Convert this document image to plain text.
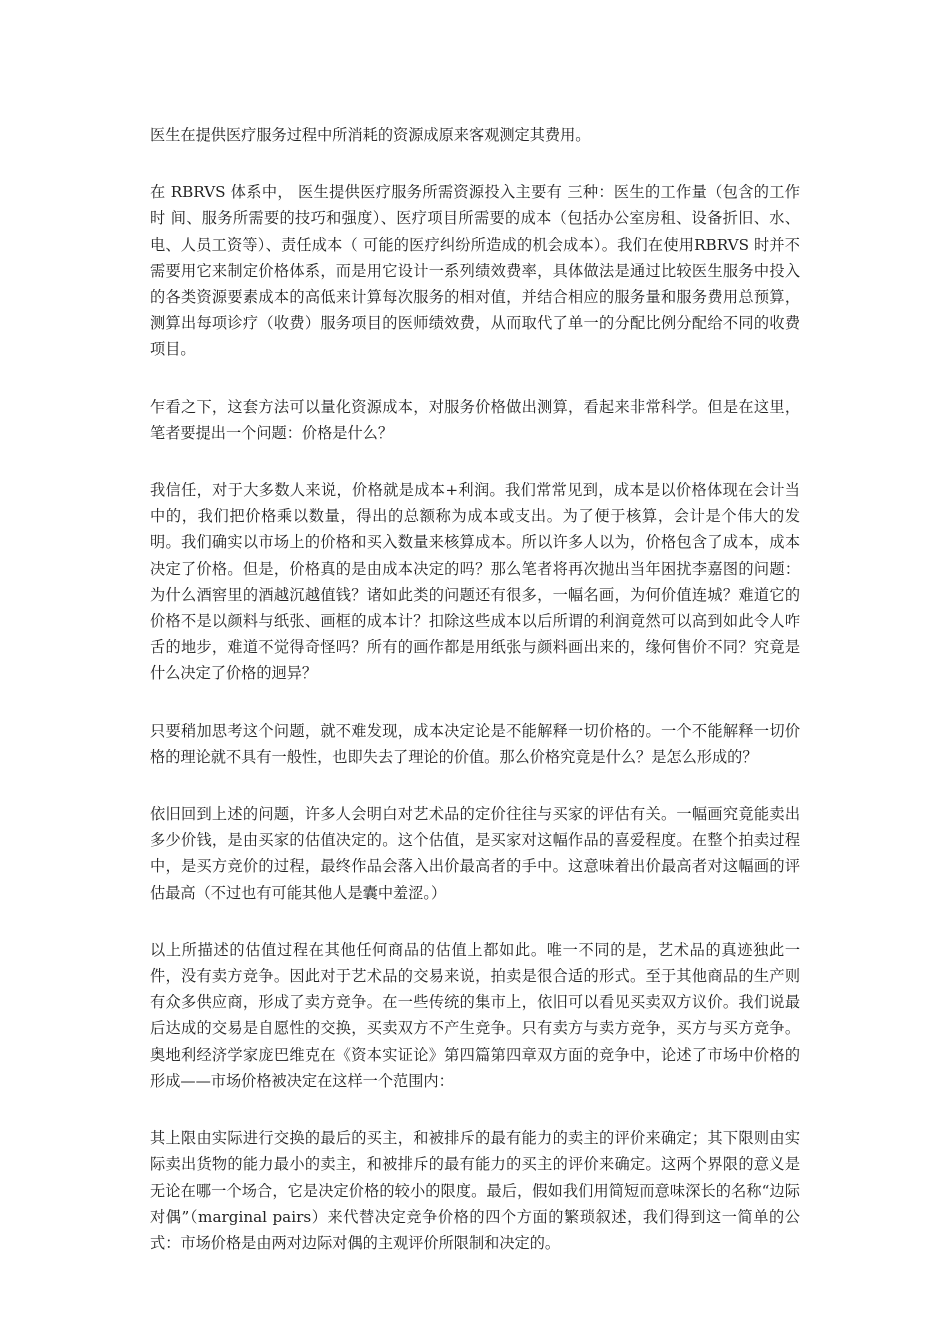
医生在提供医疗服务过程中所消耗的资源成原来客观测定其费用。

在 RBRVS 体系中， 医生提供医疗服务所需资源投入主要有 三种：医生的工作量（包含的工作时 间、服务所需要的技巧和强度）、医疗项目所需要的成本（包括办公室房租、设备折旧、水、电、人员工资等）、责任成本（ 可能的医疗纠纷所造成的机会成本）。我们在使用RBRVS 时并不需要用它来制定价格体系，而是用它设计一系列绩效费率，具体做法是通过比较医生服务中投入的各类资源要素成本的高低来计算每次服务的相对值，并结合相应的服务量和服务费用总预算，测算出每项诊疗（收费）服务项目的医师绩效费，从而取代了单一的分配比例分配给不同的收费项目。

乍看之下，这套方法可以量化资源成本，对服务价格做出测算，看起来非常科学。但是在这里，笔者要提出一个问题：价格是什么？

我信任，对于大多数人来说，价格就是成本+利润。我们常常见到，成本是以价格体现在会计当中的，我们把价格乘以数量，得出的总额称为成本或支出。为了便于核算，会计是个伟大的发明。我们确实以市场上的价格和买入数量来核算成本。所以许多人以为，价格包含了成本，成本决定了价格。但是，价格真的是由成本决定的吗？那么笔者将再次抛出当年困扰李嘉图的问题：为什么酒窖里的酒越沉越值钱？诸如此类的问题还有很多，一幅名画，为何价值连城？难道它的价格不是以颜料与纸张、画框的成本计？扣除这些成本以后所谓的利润竟然可以高到如此令人咋舌的地步，难道不觉得奇怪吗？所有的画作都是用纸张与颜料画出来的，缘何售价不同？究竟是什么决定了价格的迥异？

只要稍加思考这个问题，就不难发现，成本决定论是不能解释一切价格的。一个不能解释一切价格的理论就不具有一般性，也即失去了理论的价值。那么价格究竟是什么？是怎么形成的？

依旧回到上述的问题，许多人会明白对艺术品的定价往往与买家的评估有关。一幅画究竟能卖出多少价钱，是由买家的估值决定的。这个估值，是买家对这幅作品的喜爱程度。在整个拍卖过程中，是买方竞价的过程，最终作品会落入出价最高者的手中。这意味着出价最高者对这幅画的评估最高（不过也有可能其他人是囊中羞涩。）

以上所描述的估值过程在其他任何商品的估值上都如此。唯一不同的是，艺术品的真迹独此一件，没有卖方竞争。因此对于艺术品的交易来说，拍卖是很合适的形式。至于其他商品的生产则有众多供应商，形成了卖方竞争。在一些传统的集市上，依旧可以看见买卖双方议价。我们说最后达成的交易是自愿性的交换，买卖双方不产生竞争。只有卖方与卖方竞争，买方与买方竞争。奥地利经济学家庞巴维克在《资本实证论》第四篇第四章双方面的竞争中，论述了市场中价格的形成——市场价格被决定在这样一个范围内：

其上限由实际进行交换的最后的买主，和被排斥的最有能力的卖主的评价来确定；其下限则由实际卖出货物的能力最小的卖主，和被排斥的最有能力的买主的评价来确定。这两个界限的意义是无论在哪一个场合，它是决定价格的较小的限度。最后，假如我们用简短而意味深长的名称“边际对偶”（marginal pairs）来代替决定竞争价格的四个方面的繁琐叙述，我们得到这一简单的公式：市场价格是由两对边际对偶的主观评价所限制和决定的。
